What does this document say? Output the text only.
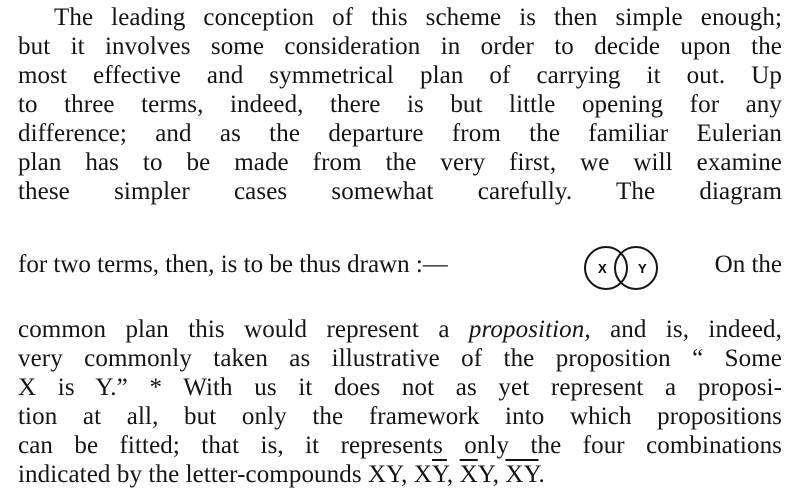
The leading conception of this scheme is then simple enough;
but it involves some consideration in order to decide upon the
most effective and symmetrical plan of carrying it out. Up
to three terms, indeed, there is but little opening for any
difference; and as the departure from the familiar Eulerian
plan has to be made from the very first, we will examine
these simpler cases somewhat carefully. The diagram
for two terms, then, is to be thus drawn :—	X Y	On the
common plan this would represent a proposition, and is, indeed,
very commonly taken as illustrative of the proposition “ Some
X is Y.” * With us it does not as yet represent a proposi-
tion at all, but only the framework into which propositions
can be fitted; that is, it represents only the four combinations
indicated by the letter-compounds XY, $X\overline{Y}$, $\overline{X}Y$, $\overline{XY}$.
